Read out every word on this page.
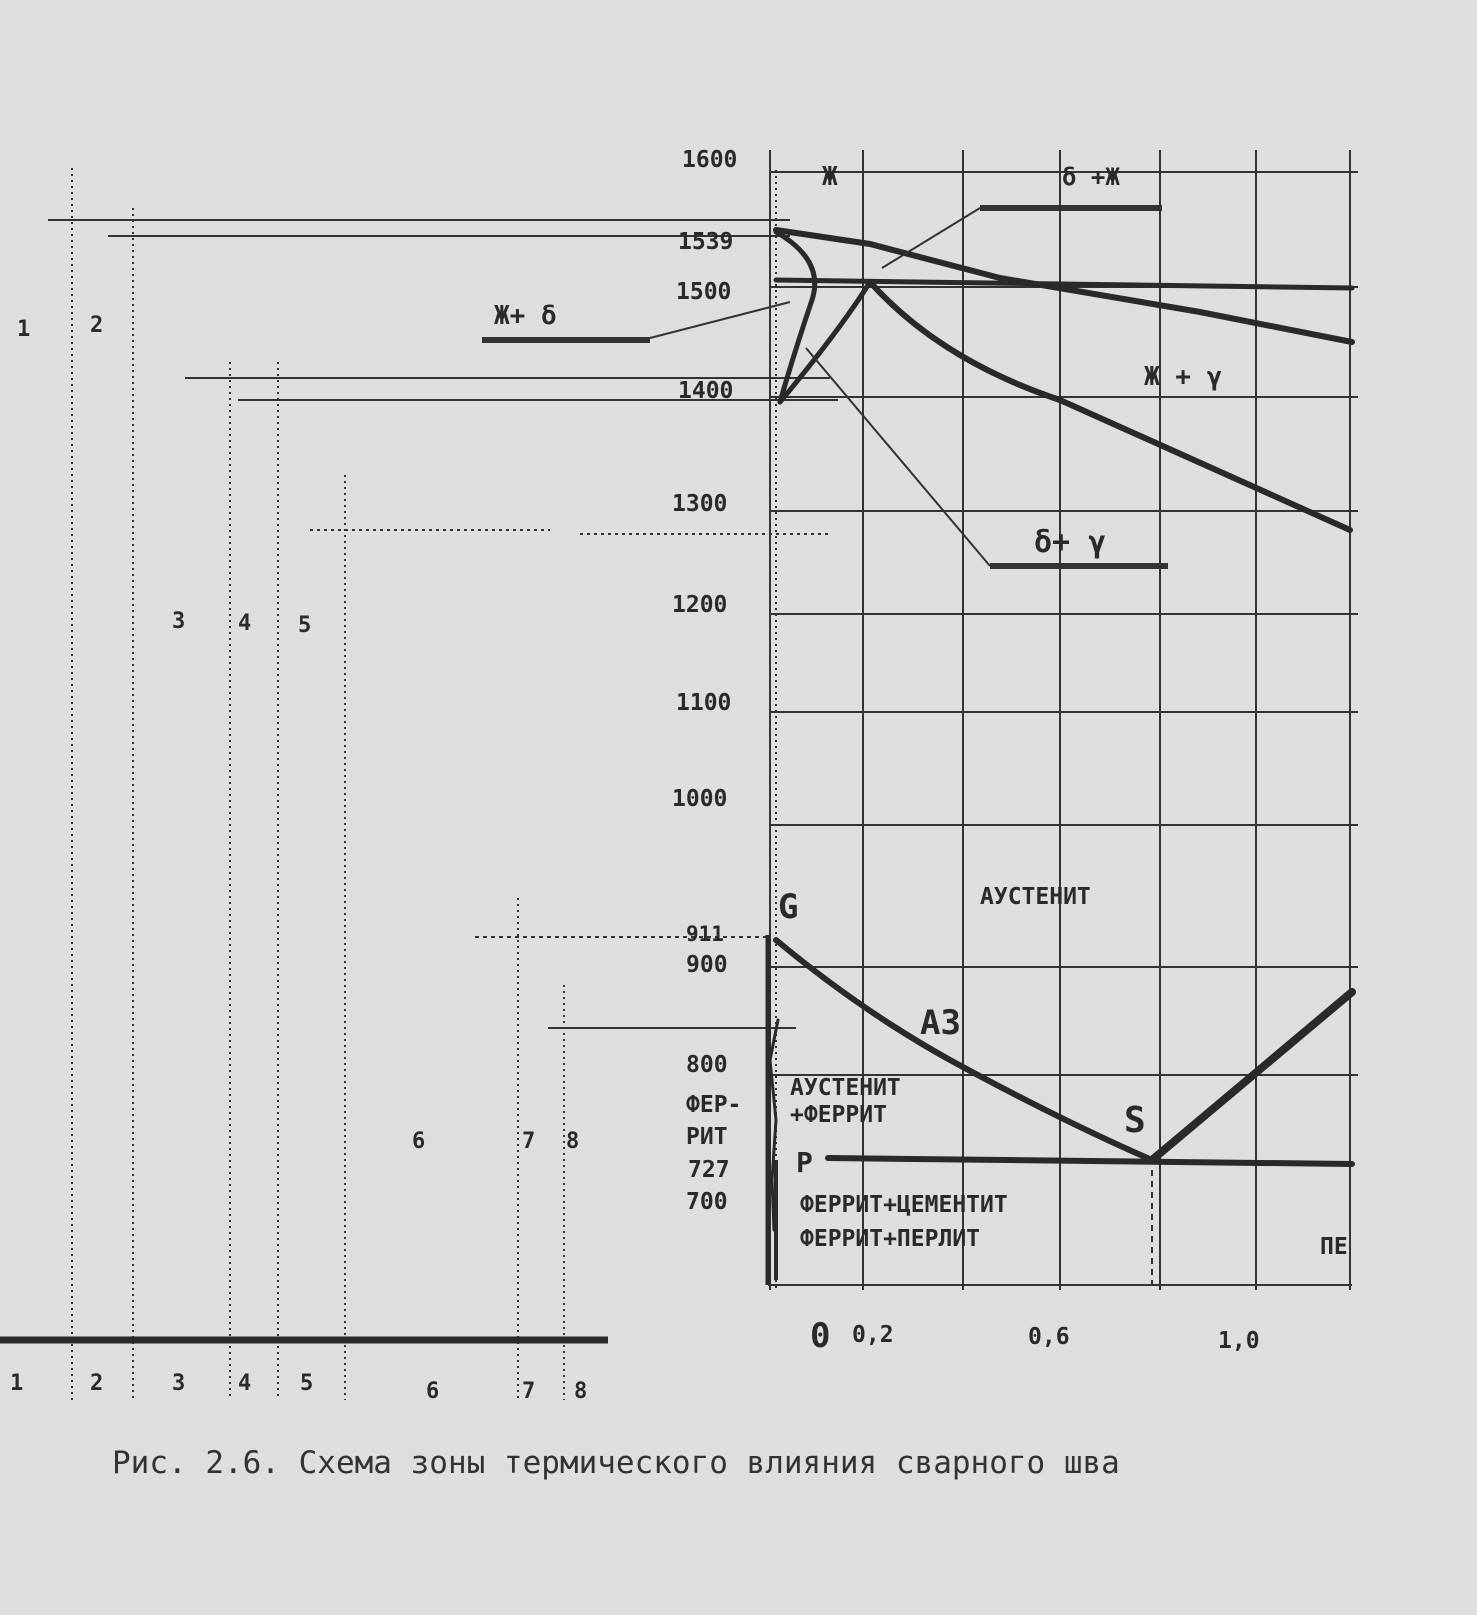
1	2
3 4 5
6	7 8
1	2	3 4 5	6	7 8
1600
1539
1500
1400
1300
1200
1100
1000
911
900
800
727
700
0 0,2	0,6	1,0
Ж	δ +Ж
Ж+ δ
Ж + γ
δ+ γ
АУСТЕНИТ
АУСТЕНИТ
+ФЕРРИТ
ФЕР-
РИТ
ФЕРРИТ+ЦЕМЕНТИТ
ФЕРРИТ+ПЕРЛИТ	ПЕ
А3
G
S
P
Рис. 2.6. Схема зоны термического влияния сварного шва
